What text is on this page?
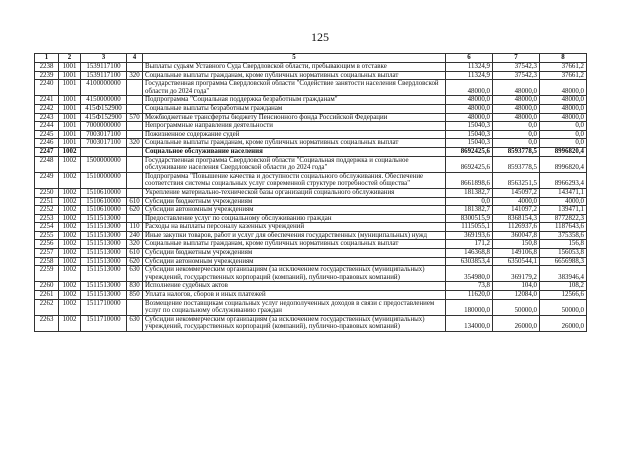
125
1	2	3	4	5	6	7	8
2238	1001	1539117100		Выплаты судьям Уставного Суда Свердловской области, пребывающим в отставке	11324,9	37542,3	37661,2
2239	1001	1539117100	320	Социальные выплаты гражданам, кроме публичных нормативных социальных выплат	11324,9	37542,3	37661,2
2240	1001	4100000000		Государственная программа Свердловской области "Содействие занятости населения Свердловской области до 2024 года"	48000,0	48000,0	48000,0
2241	1001	4150000000		Подпрограмма "Социальная поддержка безработным гражданам"	48000,0	48000,0	48000,0
2242	1001	415Ф152900		Социальные выплаты безработным гражданам	48000,0	48000,0	48000,0
2243	1001	415Ф152900	570	Межбюджетные трансферты бюджету Пенсионного фонда Российской Федерации	48000,0	48000,0	48000,0
2244	1001	7000000000		Непрограммные направления деятельности	15040,3	0,0	0,0
2245	1001	7003017100		Пожизненное содержание судей	15040,3	0,0	0,0
2246	1001	7003017100	320	Социальные выплаты гражданам, кроме публичных нормативных социальных выплат	15040,3	0,0	0,0
2247	1002			Социальное обслуживание населения	8692425,6	8593778,5	8996820,4
2248	1002	1500000000		Государственная программа Свердловской области "Социальная поддержка и социальное обслуживание населения Свердловской области до 2024 года"	8692425,6	8593778,5	8996820,4
2249	1002	1510000000		Подпрограмма "Повышение качества и доступности социального обслуживания. Обеспечение соответствия системы социальных услуг современной структуре потребностей общества"	8661898,6	8563251,5	8966293,4
2250	1002	1510610000		Укрепление материально-технической базы организаций социального обслуживания	181382,7	145097,2	143471,1
2251	1002	1510610000	610	Субсидии бюджетным учреждениям	0,0	4000,0	4000,0
2252	1002	1510610000	620	Субсидии автономным учреждениям	181382,7	141097,2	139471,1
2253	1002	1511513000		Предоставление услуг по социальному обслуживанию граждан	8300515,9	8368154,3	8772822,3
2254	1002	1511513000	110	Расходы на выплаты персоналу казенных учреждений	1115055,1	1126937,6	1187643,6
2255	1002	1511513000	240	Иные закупки товаров, работ и услуг для обеспечения государственных (муниципальных) нужд	369193,6	360047,8	375358,6
2256	1002	1511513000	320	Социальные выплаты гражданам, кроме публичных нормативных социальных выплат	171,2	150,8	156,8
2257	1002	1511513000	610	Субсидии бюджетным учреждениям	146368,8	149106,8	156053,8
2258	1002	1511513000	620	Субсидии автономным учреждениям	6303853,4	6350544,1	6656988,3
2259	1002	1511513000	630	Субсидии некоммерческим организациям (за исключением государственных (муниципальных) учреждений, государственных корпораций (компаний), публично-правовых компаний)	354980,0	369179,2	383946,4
2260	1002	1511513000	830	Исполнение судебных актов	73,8	104,0	108,2
2261	1002	1511513000	850	Уплата налогов, сборов и иных платежей	11620,0	12084,0	12566,6
2262	1002	1511710000		Возмещение поставщикам социальных услуг недополученных доходов в связи с предоставлением услуг по социальному обслуживанию граждан	180000,0	50000,0	50000,0
2263	1002	1511710000	630	Субсидии некоммерческим организациям (за исключением государственных (муниципальных) учреждений, государственных корпораций (компаний), публично-правовых компаний)	134000,0	26000,0	26000,0
